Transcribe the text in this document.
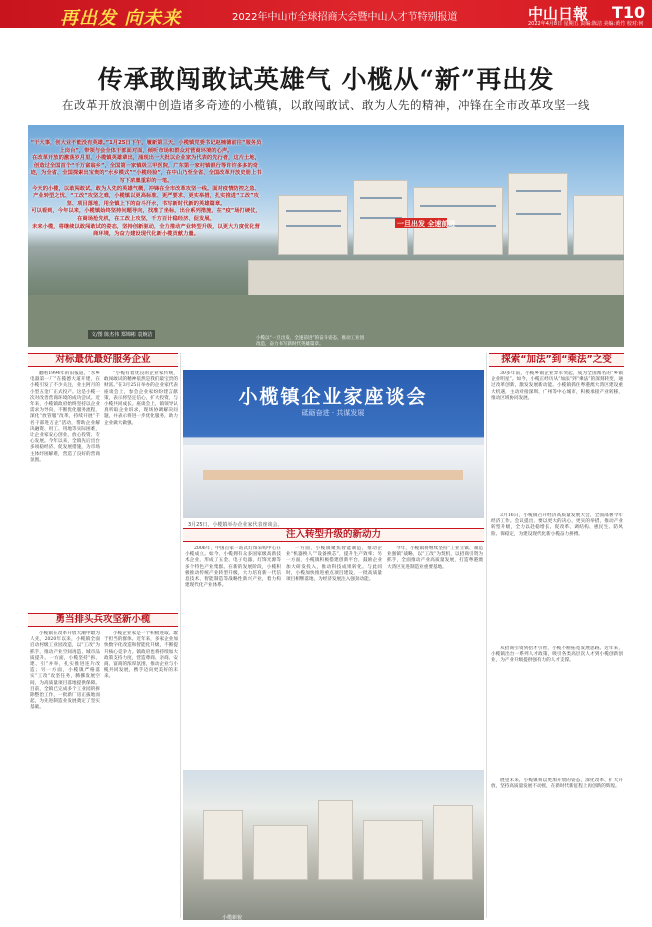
再出发 向未来	2022年中山市全球招商大会暨中山人才节特别报道	中山日報 T10
2022年4月8日 星期五 责编:陈洁 美编:黄竹 校对:何月
传承敢闯敢试英雄气 小榄从“新”再出发
在改革开放浪潮中创造诸多奇迹的小榄镇，以敢闯敢试、敢为人先的精神，冲锋在全市改革攻坚一线
一旦出发 全速前进

“干大事，创大业不能没有英雄。”1月25日下午，履新第三天，小榄镇党委书记赵楠德前往“服务员上岗台”，带领与会全体干部面对面，倾听市场和群众对营商环境的心声。

在改革开放的激荡岁月里，小榄镇英雄辈出，涌现出一大批以企业家为代表的先行者，这片土地，创造过全国首个“千万富翁乡”，全国第一家镇级三甲医院，广东第一家村镇银行等许许多多的奇迹，为全省、全国探索出宝贵的“水乡模式”“小榄经验”，在中山乃至全省、全国改革开放史册上书写下浓墨重彩的一笔。

今天的小榄，以敢闯敢试、敢为人先的英雄气概，冲锋在全市改革攻坚一线。面对疫情防控之急、产业转型之忧、“工改”攻坚之难，小榄镇以更高标准、更严要求、更实举措，扎实推进“工改”攻坚、项目落地，用全镇上下的奋斗汗水，书写新时代新的英雄篇章。

可以看到，今年以来，小榄镇始终坚持问题导向，找准了坐标，出台系列措施，在“疫”场打硬仗，在商场抢先机，在工改上攻坚，千方百计稳经济、促发展。

未来小榄，将继续以敢闯敢试的姿态，坚持创新驱动，全力推动产业转型升级，以更大力度优化营商环境，为奋力建设现代化新小榄贡献力量。

文/图 陈杰伟 郑锦彬 袁婉洁
小榄以“一旦出发，全速前进”的奋斗姿态，推动工业园改造，奋力书写新时代英雄篇章。
对标最优最好服务企业
勇当排头兵攻坚新小榄
注入转型升级的新动力
探索“加法”到“乘法”之变
翻看1994年的旧报道，“水乡电器第一厂”在揽德大道开建，在小榄引发了不少关注，业主阿月的小型五金厂正式投产。这是小榄一次对改善营商环境的成功尝试。近年来，小榄镇政府始终坚持以企业需求为导向，不断优化服务流程，深化“放管服”改革，持续开展“千名干部进万企”活动，帮助企业解决融资、用工、用地等实际困难，让企业家安心创业、放心投资、专心发展。今年以来，全镇先后出台多项稳经济、促发展措施，为市场主体纾困解难，营造了良好的营商氛围。
“小榄有着优良的企业家传统，敢闯敢试的精神依然是我们最宝贵的财富。”在3月25日举办的企业家代表座谈会上，参会企业家纷纷建言献策，表示将坚定信心，扩大投资，与小榄共同成长。座谈会上，镇领导认真听取企业诉求，现场协调解决问题，并表示将进一步优化服务，助力企业做大做强。
小榄镇在改革开放大潮中敢为人先，2020年以来，小榄镇全面启动村级工业园改造，以“工改”为抓手，推动产业空间再造、城市品质提升。一方面，小榄坚持“拆、建、引”并举，扎实推进连片改造；另一方面，小榄镇严格落实“工改”攻坚任务，腾挪发展空间，为高质量项目落地提供保障。目前，全镇已完成多个工业园的拆除整治工作，一批新厂房正拔地而起，为先进制造业发展奠定了坚实基础。
小榄企业家是一个积极进取、敢于担当的群体。近年来，多家企业加快数字化改造和智能化升级，不断提升核心竞争力。镇政府也将持续加大政策支持力度，营造尊商、亲商、安商、富商的浓厚氛围，推动企业与小榄共同发展，携手迈向更美好的未来。
小榄镇企业家座谈会
砥砺奋进 · 共谋发展
3月25日，小榄镇举办企业家代表座谈会。
2006年，中国首家一站式灯饰采购中心在小榄成立。如今，小榄拥有众多国家级高新技术企业，形成了五金、电子电器、灯饰光源等多个特色产业集群。在新的发展阶段，小榄积极推动传统产业转型升级，大力培育新一代信息技术、智能制造等战略性新兴产业，着力构建现代化产业体系。
一方面，小榄镇聚焦智能制造，推动企业“机器换人”“设备换芯”，提升生产效率；另一方面，小榄镇积极搭建创新平台，鼓励企业加大研发投入，推动科技成果转化。与此同时，小榄加快推进重点项目建设，一批高质量项目相继落地，为经济发展注入强劲动能。
今年，小榄镇将继续坚持“工业立镇、制造业强镇”战略，以“工改”为契机，以招商引资为抓手，全面推动产业高质量发展，打造粤港澳大湾区先进制造业重要基地。
小榄新貌
30多年前，小榄乡镇企业异军突起，成为全国闻名的“乡镇企业明星”。如今，小榄正经历从“加法”到“乘法”的深刻转变，通过改革创新，激发发展新动能。小榄镇抓住粤港澳大湾区建设重大机遇，主动对接深圳、广州等中心城市，积极承接产业转移，推动区域协同发展。
3月16日，小榄镇召开经济高质量发展大会，全面部署今年经济工作。会议提出，要以更大的决心、更实的举措，推动产业转型升级，全力以赴稳增长、促改革、调结构、惠民生、防风险、保稳定，为建设现代化新小榄奋力拼搏。
从招商引资到招才引智，小榄不断拓宽发展思路。近年来，小榄镇出台一系列人才政策，吸引各类高层次人才到小榄创新创业，为产业升级提供强有力的人才支撑。
展望未来，小榄镇将以更加开放的姿态，深化改革、扩大开放，坚持高质量发展不动摇，在新时代新征程上再创新的辉煌。
